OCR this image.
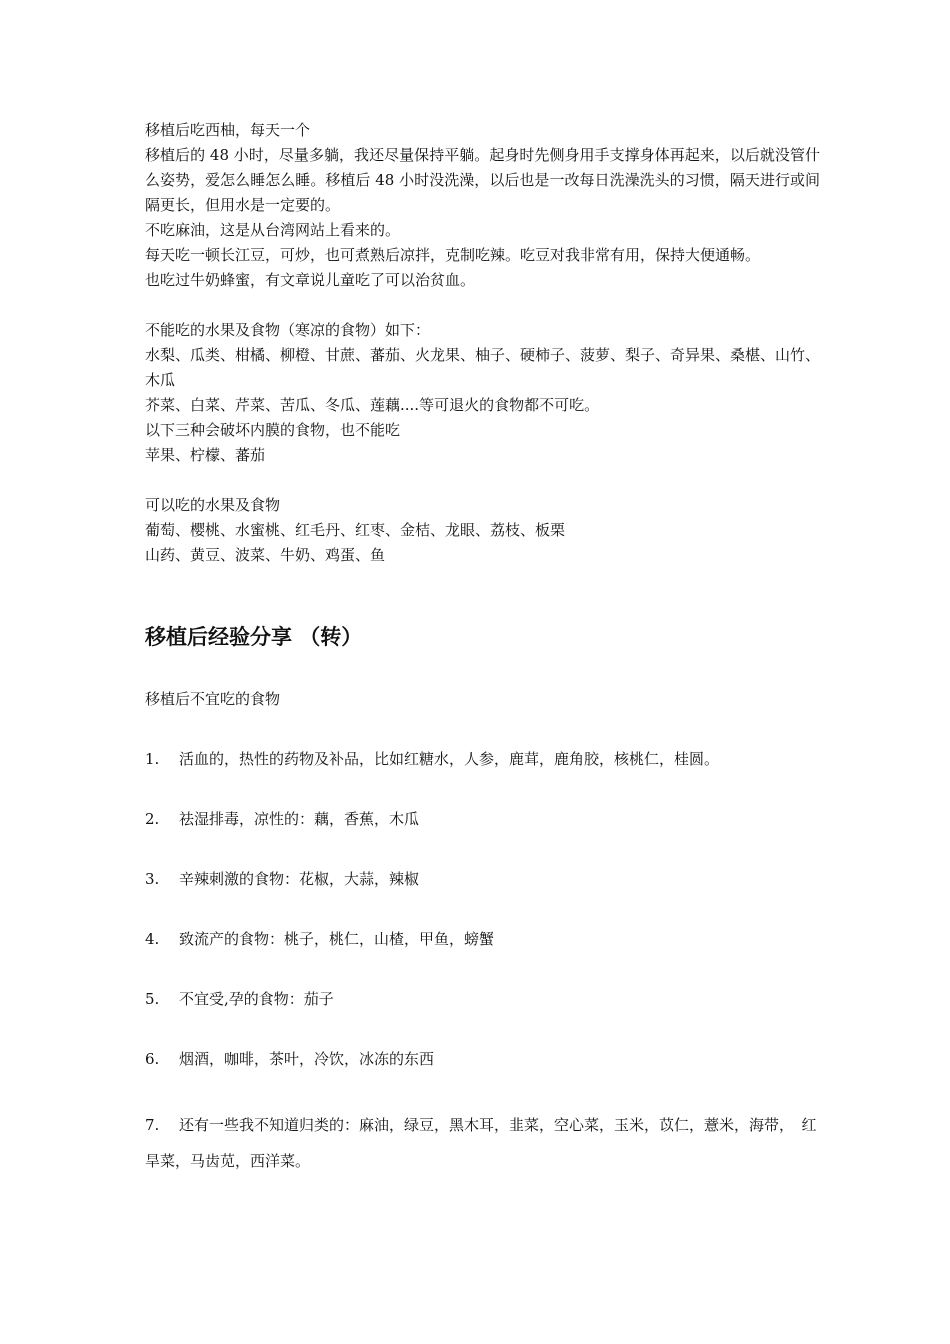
移植后吃西柚，每天一个

移植后的 48 小时，尽量多躺，我还尽量保持平躺。起身时先侧身用手支撑身体再起来，以后就没管什么姿势，爱怎么睡怎么睡。移植后 48 小时没洗澡，以后也是一改每日洗澡洗头的习惯，隔天进行或间隔更长，但用水是一定要的。

不吃麻油，这是从台湾网站上看来的。

每天吃一顿长江豆，可炒，也可煮熟后凉拌，克制吃辣。吃豆对我非常有用，保持大便通畅。

也吃过牛奶蜂蜜，有文章说儿童吃了可以治贫血。

不能吃的水果及食物（寒凉的食物）如下：

水梨、瓜类、柑橘、柳橙、甘蔗、蕃茄、火龙果、柚子、硬柿子、菠萝、梨子、奇异果、桑椹、山竹、木瓜

芥菜、白菜、芹菜、苦瓜、冬瓜、莲藕....等可退火的食物都不可吃。

以下三种会破坏内膜的食物，也不能吃

苹果、柠檬、蕃茄

可以吃的水果及食物

葡萄、樱桃、水蜜桃、红毛丹、红枣、金桔、龙眼、荔枝、板栗

山药、黄豆、波菜、牛奶、鸡蛋、鱼

移植后经验分享 （转）

移植后不宜吃的食物

1.	活血的，热性的药物及补品，比如红糖水，人参，鹿茸，鹿角胶，核桃仁，桂圆。
2.	祛湿排毒，凉性的：藕，香蕉，木瓜
3.	辛辣刺激的食物：花椒，大蒜，辣椒
4.	致流产的食物：桃子，桃仁，山楂，甲鱼，螃蟹
5.	不宜受,孕的食物：茄子
6.	烟酒，咖啡，茶叶，冷饮，冰冻的东西
7. 还有一些我不知道归类的：麻油，绿豆，黑木耳，韭菜，空心菜，玉米，苡仁，薏米，海带，　红旱菜，马齿苋，西洋菜。
